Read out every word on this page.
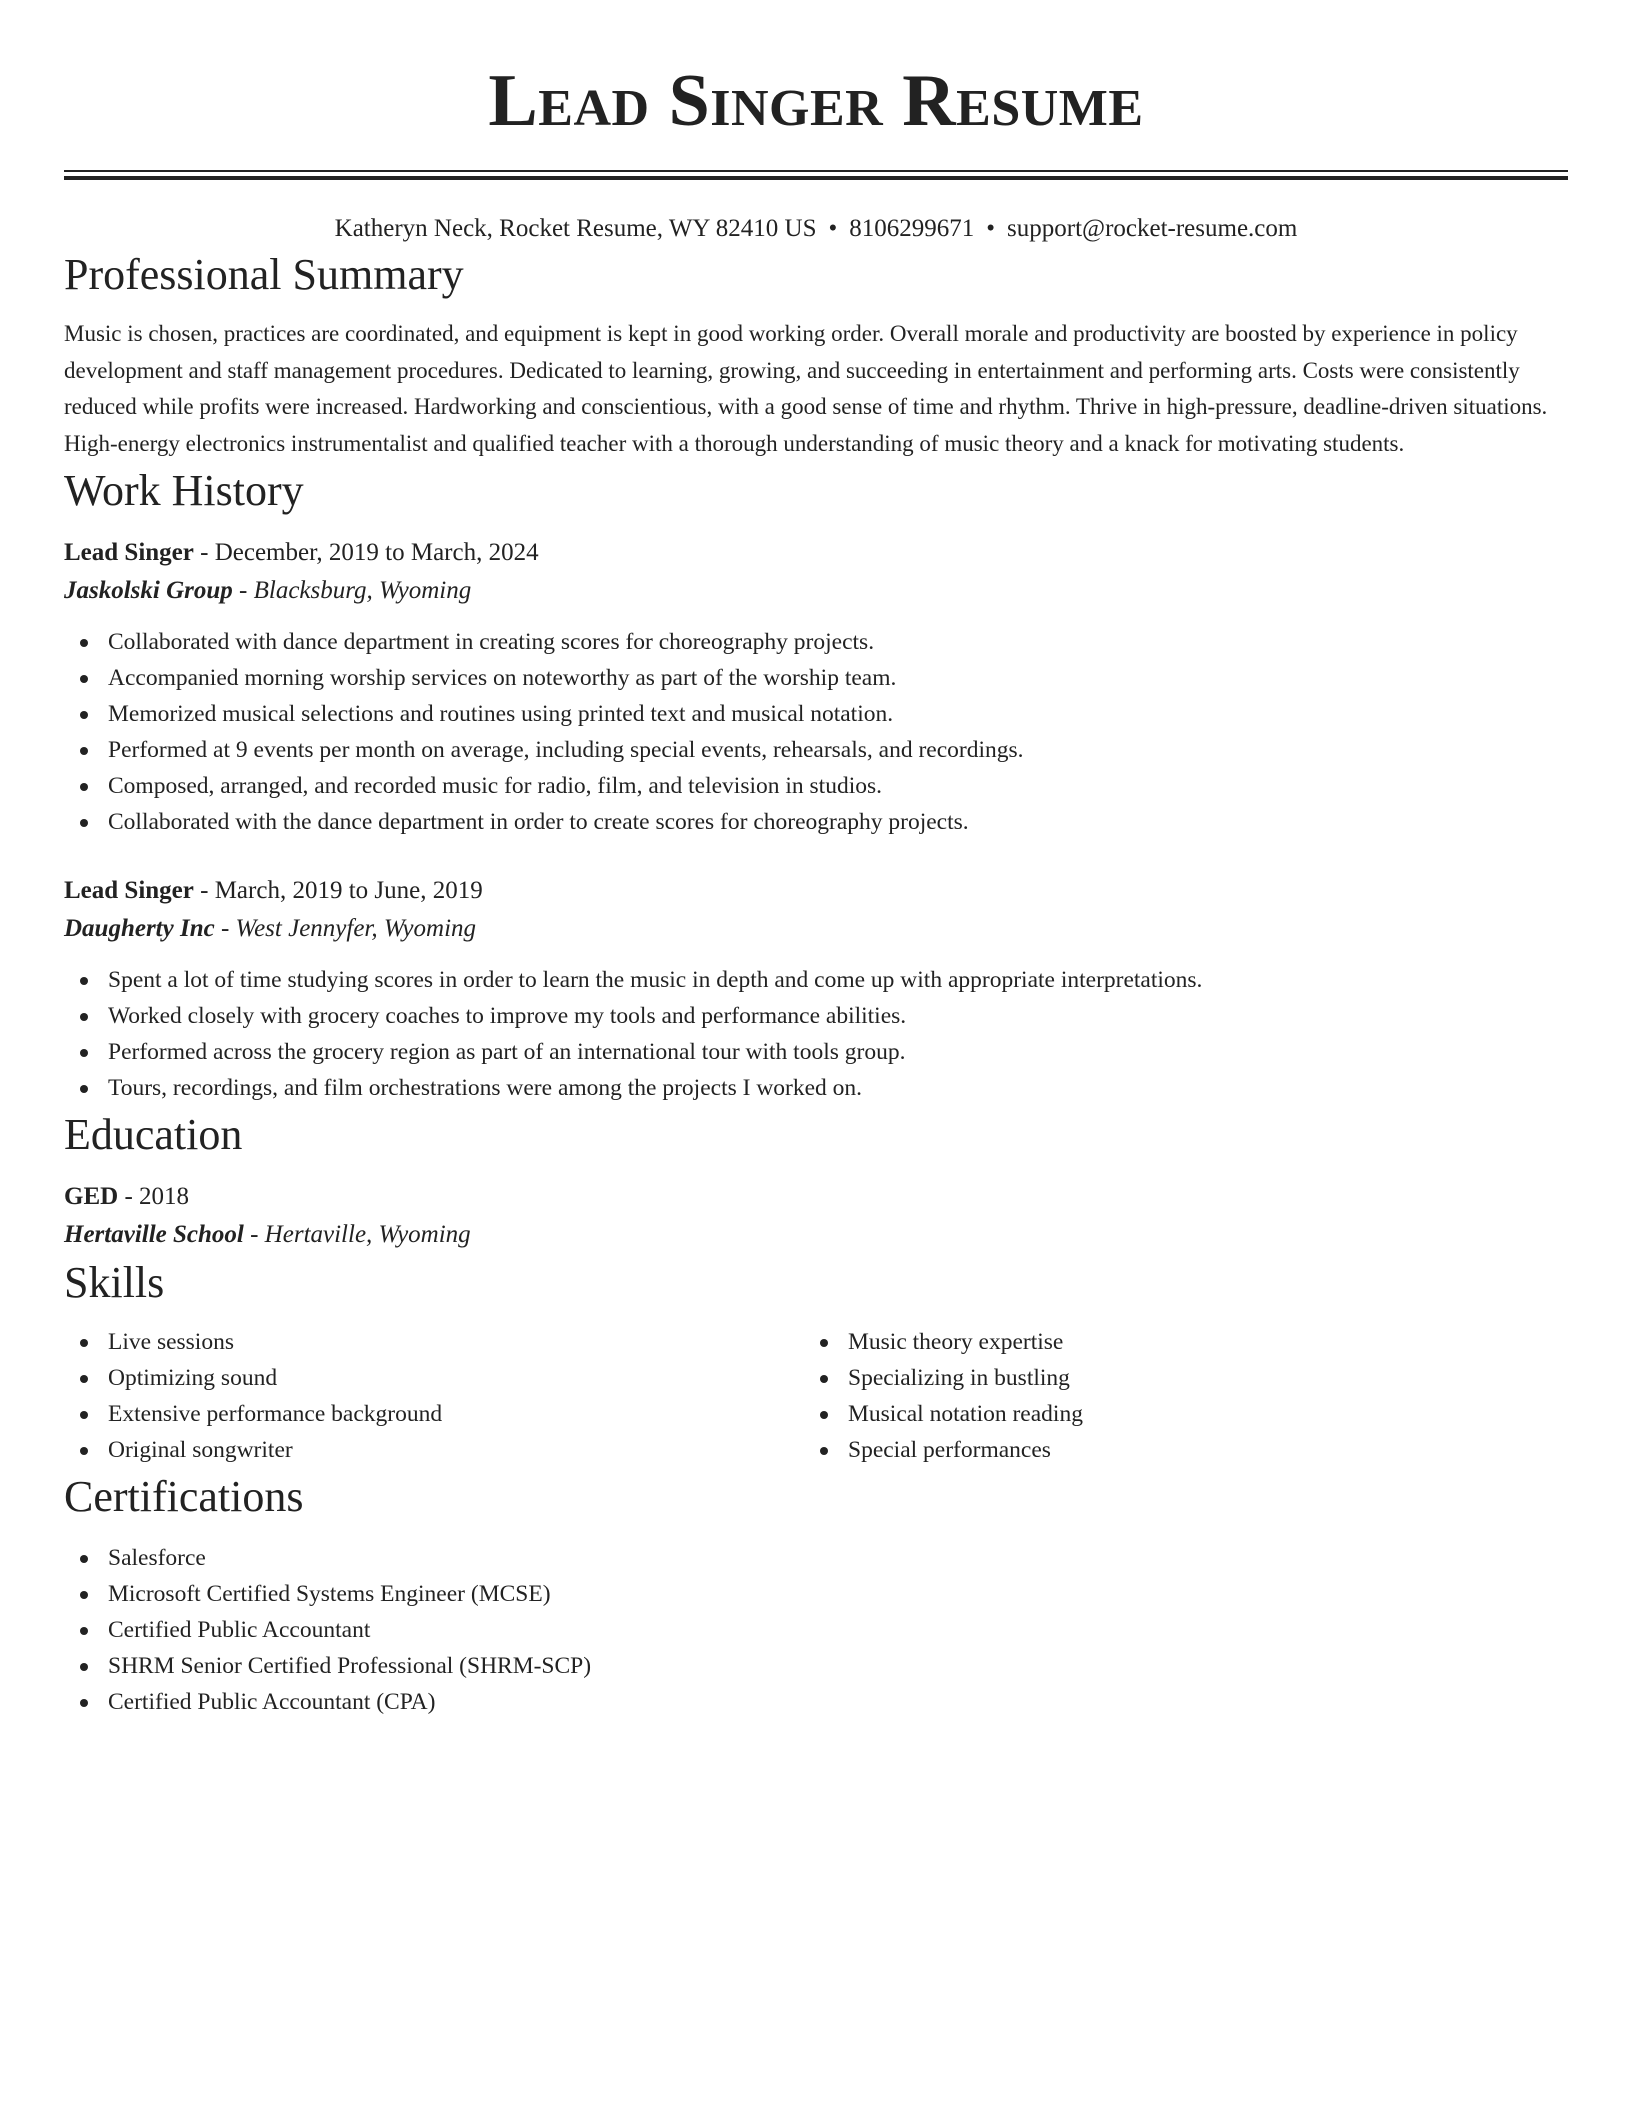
Lead Singer Resume
Katheryn Neck, Rocket Resume, WY 82410 US • 8106299671 • support@rocket-resume.com
Professional Summary

Music is chosen, practices are coordinated, and equipment is kept in good working order. Overall morale and productivity are boosted by experience in policy development and staff management procedures. Dedicated to learning, growing, and succeeding in entertainment and performing arts. Costs were consistently reduced while profits were increased. Hardworking and conscientious, with a good sense of time and rhythm. Thrive in high-pressure, deadline-driven situations. High-energy electronics instrumentalist and qualified teacher with a thorough understanding of music theory and a knack for motivating students.

Work History
Lead Singer - December, 2019 to March, 2024
Jaskolski Group - Blacksburg, Wyoming
Collaborated with dance department in creating scores for choreography projects.
Accompanied morning worship services on noteworthy as part of the worship team.
Memorized musical selections and routines using printed text and musical notation.
Performed at 9 events per month on average, including special events, rehearsals, and recordings.
Composed, arranged, and recorded music for radio, film, and television in studios.
Collaborated with the dance department in order to create scores for choreography projects.
Lead Singer - March, 2019 to June, 2019
Daugherty Inc - West Jennyfer, Wyoming
Spent a lot of time studying scores in order to learn the music in depth and come up with appropriate interpretations.
Worked closely with grocery coaches to improve my tools and performance abilities.
Performed across the grocery region as part of an international tour with tools group.
Tours, recordings, and film orchestrations were among the projects I worked on.
Education
GED - 2018
Hertaville School - Hertaville, Wyoming
Skills
Live sessions
Optimizing sound
Extensive performance background
Original songwriter
Music theory expertise
Specializing in bustling
Musical notation reading
Special performances
Certifications
Salesforce
Microsoft Certified Systems Engineer (MCSE)
Certified Public Accountant
SHRM Senior Certified Professional (SHRM-SCP)
Certified Public Accountant (CPA)
